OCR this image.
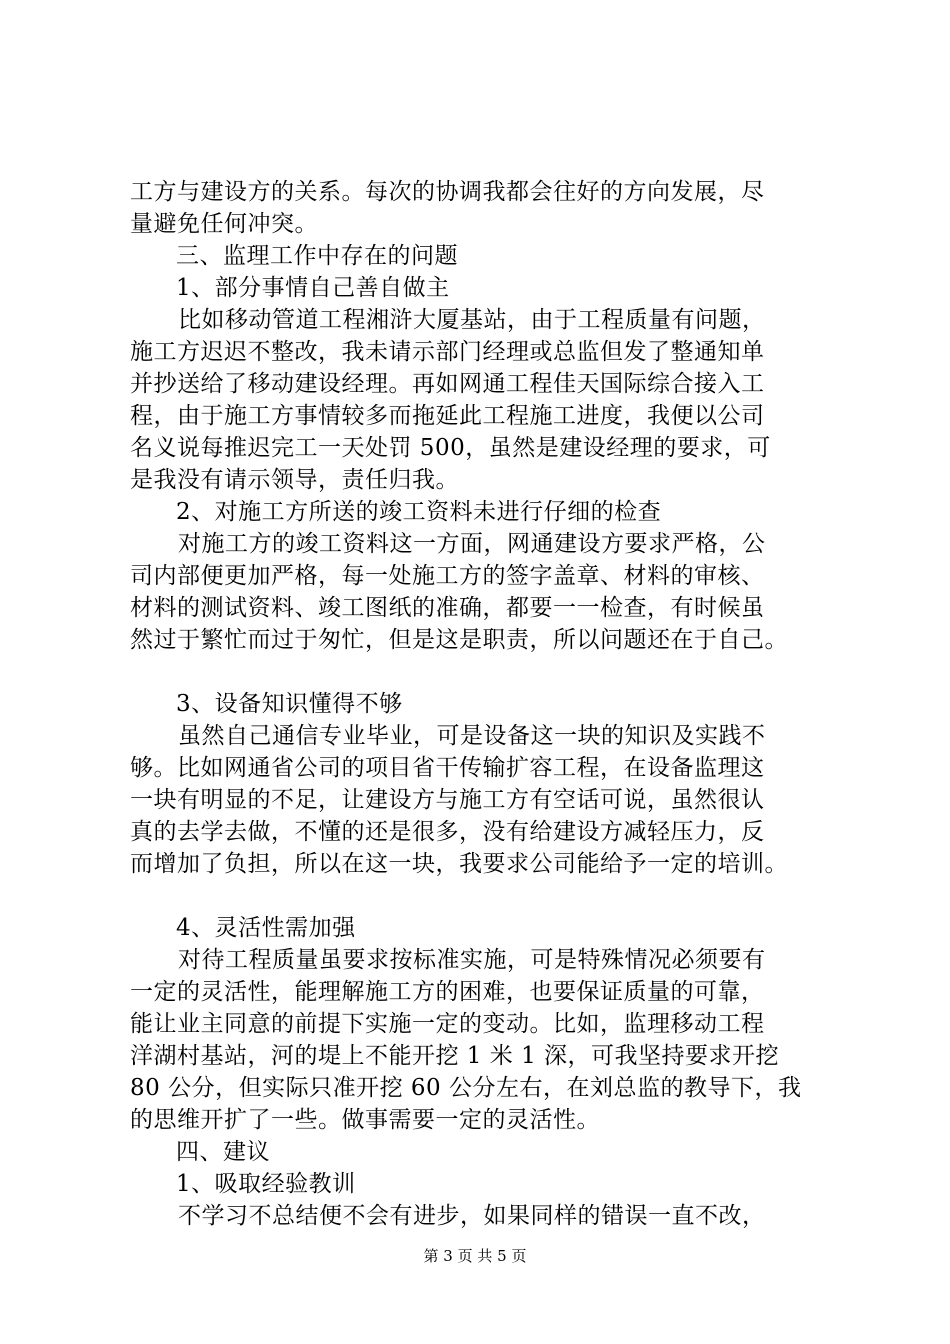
工方与建设方的关系。每次的协调我都会往好的方向发展，尽
量避免任何冲突。
三、监理工作中存在的问题
1、部分事情自己善自做主
比如移动管道工程湘浒大厦基站，由于工程质量有问题，
施工方迟迟不整改，我未请示部门经理或总监但发了整通知单
并抄送给了移动建设经理。再如网通工程佳天国际综合接入工
程，由于施工方事情较多而拖延此工程施工进度，我便以公司
名义说每推迟完工一天处罚 500，虽然是建设经理的要求，可
是我没有请示领导，责任归我。
2、对施工方所送的竣工资料未进行仔细的检查
对施工方的竣工资料这一方面，网通建设方要求严格，公
司内部便更加严格，每一处施工方的签字盖章、材料的审核、
材料的测试资料、竣工图纸的准确，都要一一检查，有时候虽
然过于繁忙而过于匆忙，但是这是职责，所以问题还在于自己。
3、设备知识懂得不够
虽然自己通信专业毕业，可是设备这一块的知识及实践不
够。比如网通省公司的项目省干传输扩容工程，在设备监理这
一块有明显的不足，让建设方与施工方有空话可说，虽然很认
真的去学去做，不懂的还是很多，没有给建设方减轻压力，反
而增加了负担，所以在这一块，我要求公司能给予一定的培训。
4、灵活性需加强
对待工程质量虽要求按标准实施，可是特殊情况必须要有
一定的灵活性，能理解施工方的困难，也要保证质量的可靠，
能让业主同意的前提下实施一定的变动。比如，监理移动工程
洋湖村基站，河的堤上不能开挖 1 米 1 深，可我坚持要求开挖
80 公分，但实际只准开挖 60 公分左右，在刘总监的教导下，我
的思维开扩了一些。做事需要一定的灵活性。
四、建议
1、吸取经验教训
不学习不总结便不会有进步，如果同样的错误一直不改，
第 3 页 共 5 页
